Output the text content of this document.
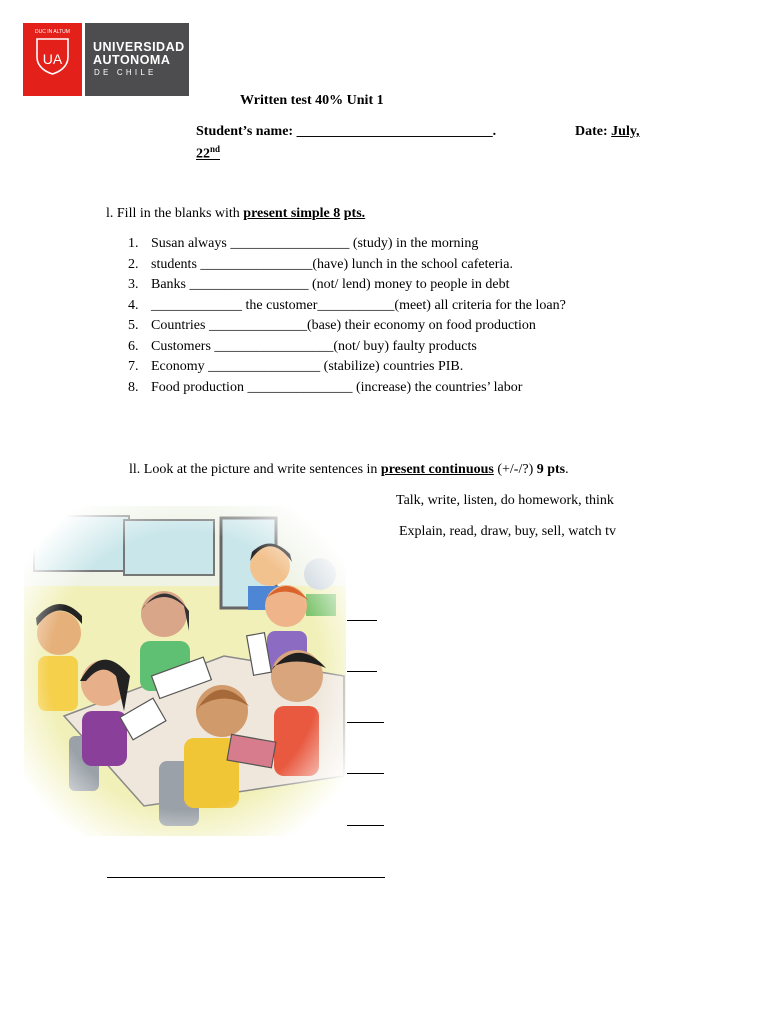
DUC IN ALTUM
UA
UNIVERSIDAD
AUTONOMA
DE CHILE
Written test 40% Unit 1
Student’s name: ____________________________.	Date: July,
22nd
l. Fill in the blanks with present simple 8 pts.
1. Susan always _________________ (study) in the morning
2. students ________________(have) lunch in the school cafeteria.
3. Banks _________________ (not/ lend) money to people in debt
4. _____________ the customer___________(meet) all criteria for the loan?
5. Countries ______________(base) their economy on food production
6. Customers _________________(not/ buy) faulty products
7. Economy ________________ (stabilize) countries PIB.
8. Food production _______________ (increase) the countries’ labor
ll. Look at the picture and write sentences in present continuous (+/-/?) 9 pts.
Talk, write, listen, do homework, think
Explain, read, draw, buy, sell, watch tv
